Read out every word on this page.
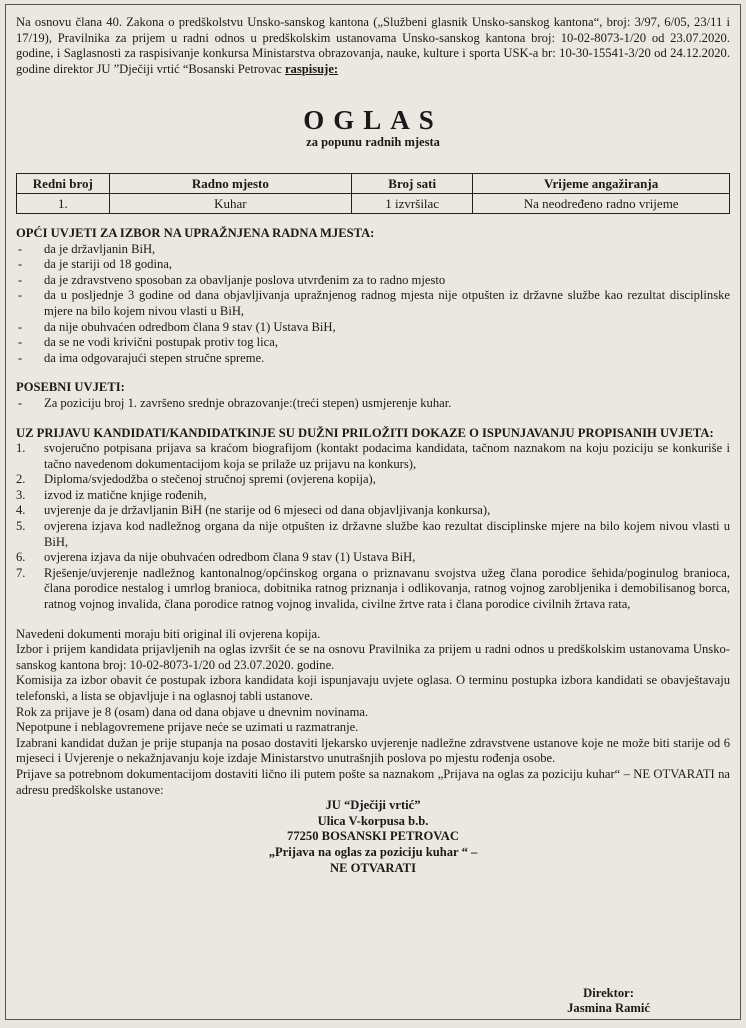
Na osnovu člana 40. Zakona o predškolstvu Unsko-sanskog kantona („Službeni glasnik Unsko-sanskog kantona“, broj: 3/97, 6/05, 23/11 i 17/19), Pravilnika za prijem u radni odnos u predškolskim ustanovama Unsko-sanskog kantona broj: 10-02-8073-1/20 od 23.07.2020. godine, i Saglasnosti za raspisivanje konkursa Ministarstva obrazovanja, nauke, kulture i sporta USK-a br: 10-30-15541-3/20 od 24.12.2020. godine direktor JU ”Dječiji vrtić “Bosanski Petrovac raspisuje:

OGLAS
za popunu radnih mjesta
Redni broj	Radno mjesto	Broj sati	Vrijeme angažiranja
1.	Kuhar	1 izvršilac	Na neodređeno radno vrijeme

OPĆI UVJETI ZA IZBOR NA UPRAŽNJENA RADNA MJESTA:

- da je državljanin BiH,
- da je stariji od 18 godina,
- da je zdravstveno sposoban za obavljanje poslova utvrđenim za to radno mjesto
- da u posljednje 3 godine od dana objavljivanja upražnjenog radnog mjesta nije otpušten iz državne službe kao rezultat disciplinske mjere na bilo kojem nivou vlasti u BiH,
- da nije obuhvaćen odredbom člana 9 stav (1) Ustava BiH,
- da se ne vodi krivični postupak protiv tog lica,
- da ima odgovarajući stepen stručne spreme.

POSEBNI UVJETI:

- Za poziciju broj 1. završeno srednje obrazovanje:(treći stepen) usmjerenje kuhar.

UZ PRIJAVU KANDIDATI/KANDIDATKINJE SU DUŽNI PRILOŽITI DOKAZE O ISPUNJAVANJU PROPISANIH UVJETA:

1. svojeručno potpisana prijava sa kraćom biografijom (kontakt podacima kandidata, tačnom naznakom na koju poziciju se konkuriše i tačno navedenom dokumentacijom koja se prilaže uz prijavu na konkurs),
2. Diploma/svjedodžba o stečenoj stručnoj spremi (ovjerena kopija),
3. izvod iz matične knjige rođenih,
4. uvjerenje da je državljanin BiH (ne starije od 6 mjeseci od dana objavljivanja konkursa),
5. ovjerena izjava kod nadležnog organa da nije otpušten iz državne službe kao rezultat disciplinske mjere na bilo kojem nivou vlasti u BiH,
6. ovjerena izjava da nije obuhvaćen odredbom člana 9 stav (1) Ustava BiH,
7. Rješenje/uvjerenje nadležnog kantonalnog/općinskog organa o priznavanu svojstva užeg člana porodice šehida/poginulog branioca, člana porodice nestalog i umrlog branioca, dobitnika ratnog priznanja i odlikovanja, ratnog vojnog zarobljenika i demobilisanog borca, ratnog vojnog invalida, člana porodice ratnog vojnog invalida, civilne žrtve rata i člana porodice civilnih žrtava rata,

Navedeni dokumenti moraju biti original ili ovjerena kopija.

Izbor i prijem kandidata prijavljenih na oglas izvršit će se na osnovu Pravilnika za prijem u radni odnos u predškolskim ustanovama Unsko-sanskog kantona broj: 10-02-8073-1/20 od 23.07.2020. godine.

Komisija za izbor obavit će postupak izbora kandidata koji ispunjavaju uvjete oglasa. O terminu postupka izbora kandidati se obavještavaju telefonski, a lista se objavljuje i na oglasnoj tabli ustanove.

Rok za prijave je 8 (osam) dana od dana objave u dnevnim novinama.

Nepotpune i neblagovremene prijave neće se uzimati u razmatranje.

Izabrani kandidat dužan je prije stupanja na posao dostaviti ljekarsko uvjerenje nadležne zdravstvene ustanove koje ne može biti starije od 6 mjeseci i Uvjerenje o nekažnjavanju koje izdaje Ministarstvo unutrašnjih poslova po mjestu rođenja osobe.

Prijave sa potrebnom dokumentacijom dostaviti lično ili putem pošte sa naznakom „Prijava na oglas za poziciju kuhar“ – NE OTVARATI na adresu predškolske ustanove:

JU “Dječiji vrtić”
Ulica V-korpusa b.b.
77250 BOSANSKI PETROVAC
„Prijava na oglas za poziciju kuhar “ –
NE OTVARATI
Direktor:
Jasmina Ramić
